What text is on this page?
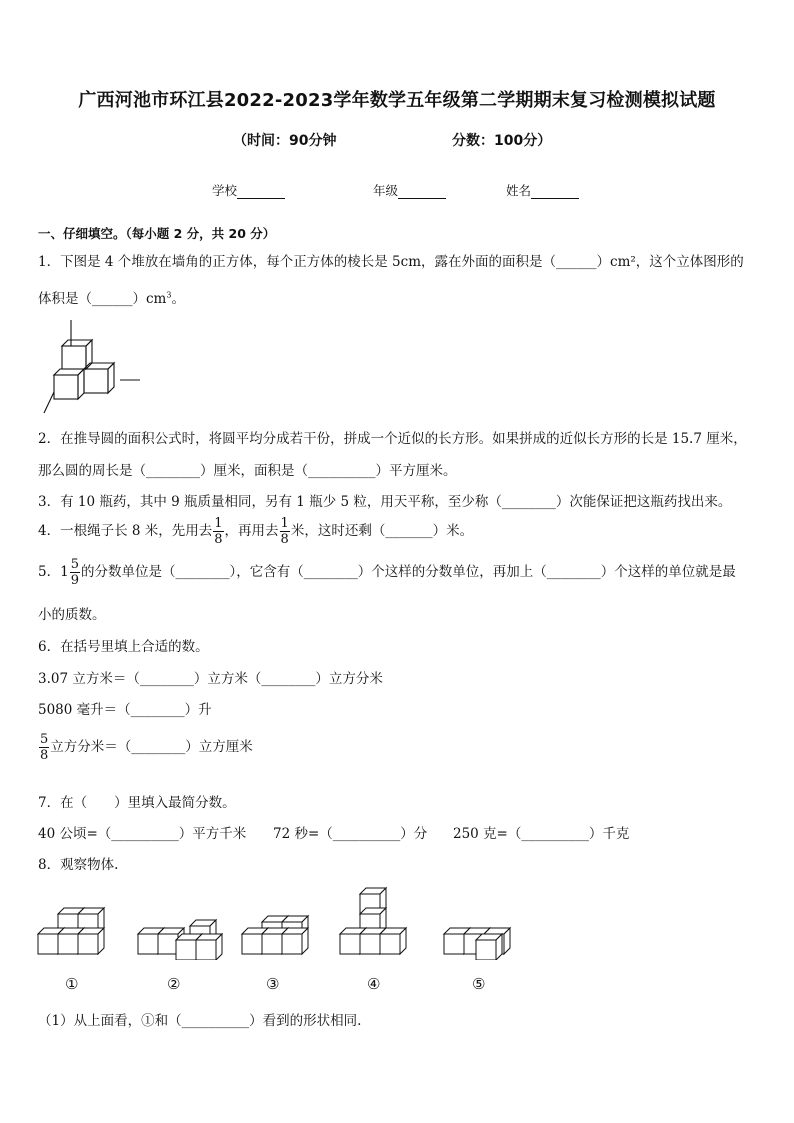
广西河池市环江县2022-2023学年数学五年级第二学期期末复习检测模拟试题
（时间：90分钟	分数：100分）
学校	年级	姓名
一、仔细填空。（每小题 2 分，共 20 分）
1．下图是 4 个堆放在墙角的正方体，每个正方体的棱长是 5cm，露在外面的面积是（______）cm²，这个立体图形的
体积是$(\_\_\_\_\_\_)cm^3$。
2．在推导圆的面积公式时，将圆平均分成若干份，拼成一个近似的长方形。如果拼成的近似长方形的长是 15.7 厘米，
那么圆的周长是（________）厘米，面积是（__________）平方厘米。
3．有 10 瓶药，其中 9 瓶质量相同，另有 1 瓶少 5 粒，用天平称，至少称（________）次能保证把这瓶药找出来。
4．一根绳子长 8 米，先用去 $\frac{1}{8}$ ，再用去 $\frac{1}{8}$ 米，这时还剩（_______）米。
5．$1 \frac{5}{9}$ 的分数单位是（________），它含有（________）个这样的分数单位，再加上（________）个这样的单位就是最
小的质数。
6．在括号里填上合适的数。
3.07 立方米＝（________）立方米（________）立方分米
5080 毫升＝（________）升
$\frac{5}{8}$ 立方分米＝（________）立方厘米
7．在（　　）里填入最简分数。
40 公顷=（__________）平方千米 72 秒=（__________）分 250 克=（__________）千克
8．观察物体.
①	②	③	④	⑤
（1）从上面看，①和（__________）看到的形状相同.
